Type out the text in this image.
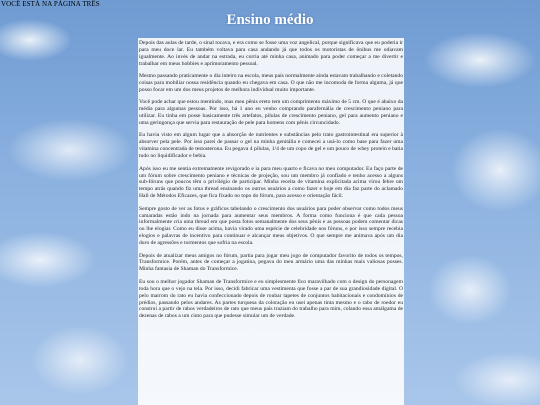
VOCÊ ESTÁ NA PÁGINA TRÊS
Ensino médio

Depois das aulas de tarde, o sinal tocava, e era como se fosse uma voz angelical, porque significava que eu poderia ir para meu doce lar. Eu também voltava para casa andando já que todos os motoristas de ônibus me odiavam igualmente. Ao invés de andar na estrada, eu corria até minha casa, animado para poder começar a me divertir e trabalhar em meus hobbies e aprimoramento pessoal.

Mesmo passando praticamente o dia inteiro na escola, meus pais normalmente ainda estavam trabalhando e coletando coisas para mobiliar nossa residência quando eu chegava em casa. O que não me incomoda de forma alguma, já que posso focar em um dos meus projetos de melhora individual muito importante.

Você pode achar que estou mentindo, mas meu pênis ereto tem um comprimento máximo de 5 cm. O que é abaixo da média para algumas pessoas. Por isso, há 1 ano eu venho comprando parafernália de crescimento peniano para utilizar. Eu tinha em posse basicamente três artefatos, pílulas de crescimento peniano, gel para aumento peniano e uma geringonça que servia para restauração de pele para homens com pênis circuncidado.

Eu havia visto em algum lugar que a absorção de nutrientes e substâncias pelo trato gastrointestinal era superior à absorver pela pele. Por isso parei de passar o gel na minha genitália e comecei a usá-lo como base para fazer uma vitamina concentrada de testosterona. Eu pegava 4 pílulas, 1/4 de um copo de gel e um pouco de whey protein e batia tudo no liquidificador e bebia.

Após isso eu me sentia extremamente revigorado e ia para meu quarto e ficava no meu computador. Eu faço parte de um fórum sobre crescimento peniano e técnicas de projeção, sou um membro já confiado e tenho acesso a alguns sub-fóruns que poucos têm o privilégio de participar. Minha receita de vitamina explicitada acima virou febre um tempo atrás quando fiz uma thread ensinando os outros usuários a como fazer e hoje em dia faz parte do aclamado Hall de Métodos Eficazes, que fica fixado no topo do fórum, para acesso e orientação fácil.

Sempre gosto de ver as fotos e gráficos tabelando o crescimento dos usuários para poder observar como todos meus camaradas estão indo na jornada para aumentar seus membros. A forma como funciona é que cada pessoa informalmente cria uma thread em que posta fotos semanalmente dos seus pênis e as pessoas podem comentar dicas ou lhe elogiar. Como eu disse acima, havia virado uma espécie de celebridade nos fóruns, e por isso sempre recebia elogios e palavras de incentivo para continuar e alcançar meus objetivos. O que sempre me animava após um dia duro de agressões e tormentos que sofria na escola.

Depois de atualizar meus amigos no fórum, partia para jogar meu jogo de computador favorito de todos os tempos, Transformice. Porém, antes de começar a jogatina, pegava do meu armário uma das minhas mais valiosas posses. Minha fantasia de Shaman do Transformice.

Eu sou o melhor jogador Shaman de Transformice e eu simplesmente fico maravilhado com o design do personagem toda hora que o vejo na tela. Por isso, decidi fabricar uma vestimenta que fosse a par de sua grandiosidade digital. O pelo marrom do rato eu havia confeccionado depois de roubar tapetes de conjuntos habitacionais e condomínios de prédios, passando pelos andares. As partes turquesa da coloração eu usei apenas tinta mesmo e o rabo de roedor eu construí a partir de rabos verdadeiros de rato que meus pais traziam do trabalho para mim, colando essa amálgama de dezenas de rabos a um cinto para que pudesse simular um de verdade.
